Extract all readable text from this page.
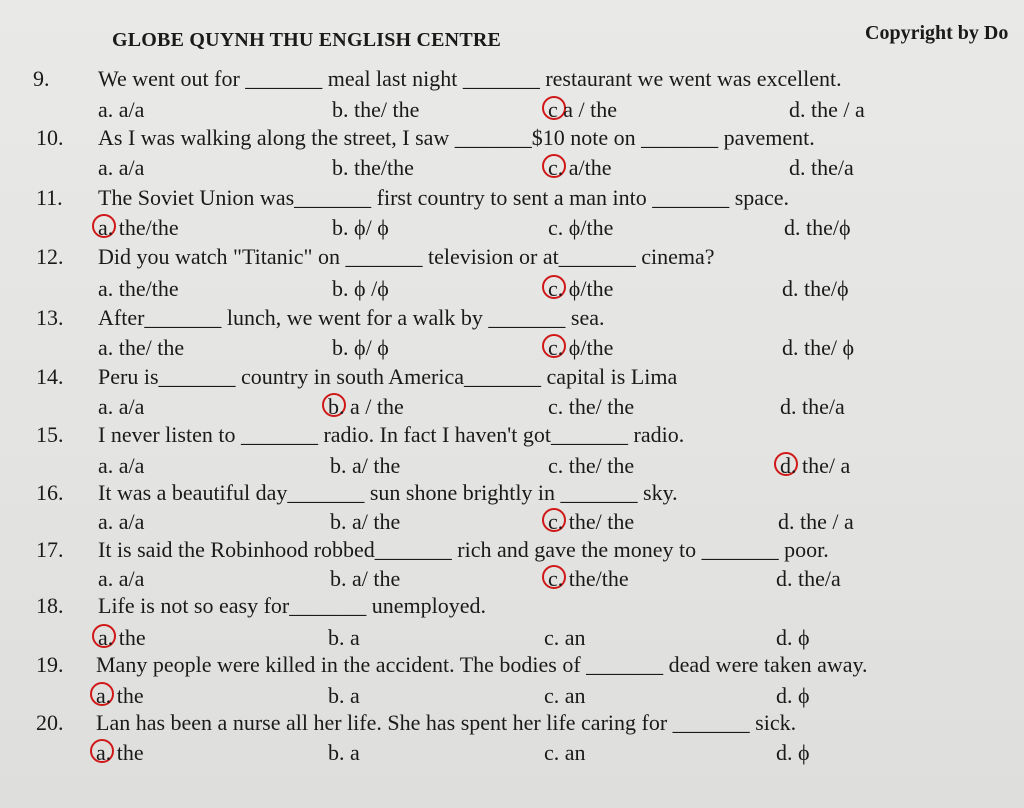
GLOBE QUYNH THU ENGLISH CENTRE	Copyright by Do
9. We went out for _______ meal last night _______ restaurant we went was excellent.
a. a/a	b. the/ the	c a / the	d. the / a
10. As I was walking along the street, I saw _______$10 note on _______ pavement.
a. a/a	b. the/the	c. a/the	d. the/a
11. The Soviet Union was_______ first country to sent a man into _______ space.
a. the/the	b. ϕ/ ϕ	c. ϕ/the	d. the/ϕ
12. Did you watch "Titanic" on _______ television or at_______ cinema?
a. the/the	b. ϕ /ϕ	c. ϕ/the	d. the/ϕ
13. After_______ lunch, we went for a walk by _______ sea.
a. the/ the	b. ϕ/ ϕ	c. ϕ/the	d. the/ ϕ
14. Peru is_______ country in south America_______ capital is Lima
a. a/a	b. a / the	c. the/ the	d. the/a
15. I never listen to _______ radio. In fact I haven't got_______ radio.
a. a/a	b. a/ the	c. the/ the	d. the/ a
16. It was a beautiful day_______ sun shone brightly in _______ sky.
a. a/a	b. a/ the	c. the/ the	d. the / a
17. It is said the Robinhood robbed_______ rich and gave the money to _______ poor.
a. a/a	b. a/ the	c. the/the	d. the/a
18. Life is not so easy for_______ unemployed.
a. the	b. a	c. an	d. ϕ
19. Many people were killed in the accident. The bodies of _______ dead were taken away.
a. the	b. a	c. an	d. ϕ
20. Lan has been a nurse all her life. She has spent her life caring for _______ sick.
a. the	b. a	c. an	d. ϕ
